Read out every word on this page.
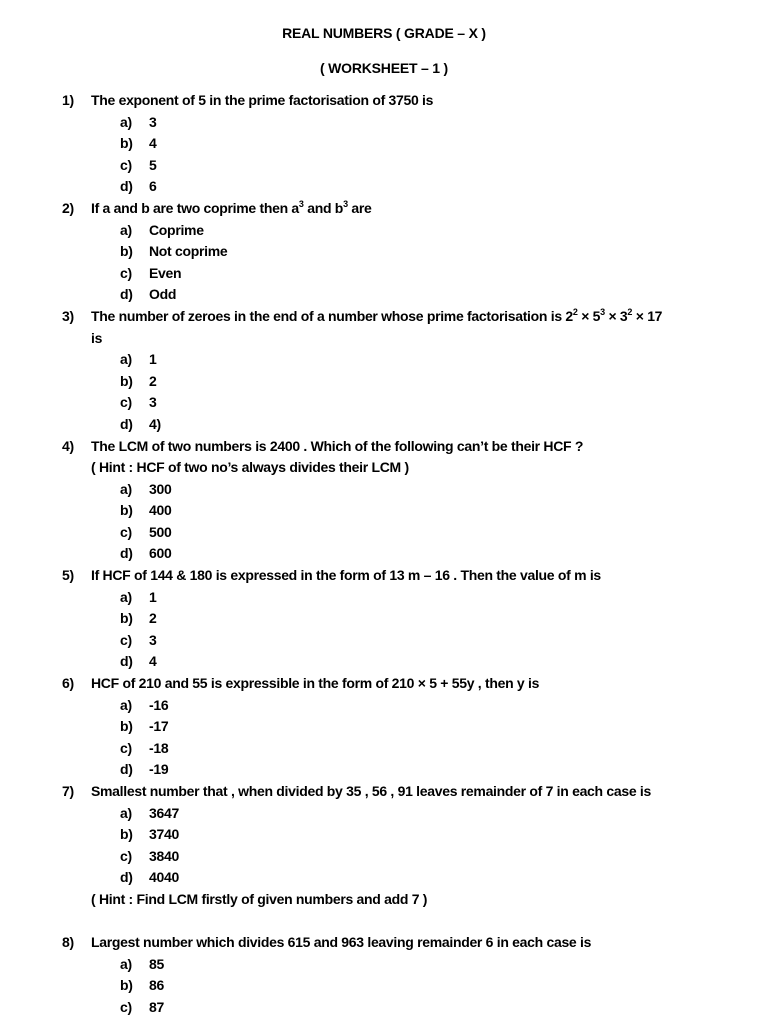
REAL NUMBERS ( GRADE – X )
( WORKSHEET – 1 )
1) The exponent of 5 in the prime factorisation of 3750 is
a) 3
b) 4
c) 5
d) 6
2) If a and b are two coprime then $a^3$ and $b^3$ are
a) Coprime
b) Not coprime
c) Even
d) Odd
3) The number of zeroes in the end of a number whose prime factorisation is $2^2 \times 5^3 \times 3^2 \times 17$
is
a) 1
b) 2
c) 3
d) 4)
4) The LCM of two numbers is 2400 . Which of the following can’t be their HCF ?
( Hint : HCF of two no’s always divides their LCM )
a) 300
b) 400
c) 500
d) 600
5) If HCF of 144 & 180 is expressed in the form of 13 m – 16 . Then the value of m is
a) 1
b) 2
c) 3
d) 4
6) HCF of 210 and 55 is expressible in the form of 210 × 5 + 55y , then y is
a) -16
b) -17
c) -18
d) -19
7) Smallest number that , when divided by 35 , 56 , 91 leaves remainder of 7 in each case is
a) 3647
b) 3740
c) 3840
d) 4040
( Hint : Find LCM firstly of given numbers and add 7 )
8) Largest number which divides 615 and 963 leaving remainder 6 in each case is
a) 85
b) 86
c) 87
